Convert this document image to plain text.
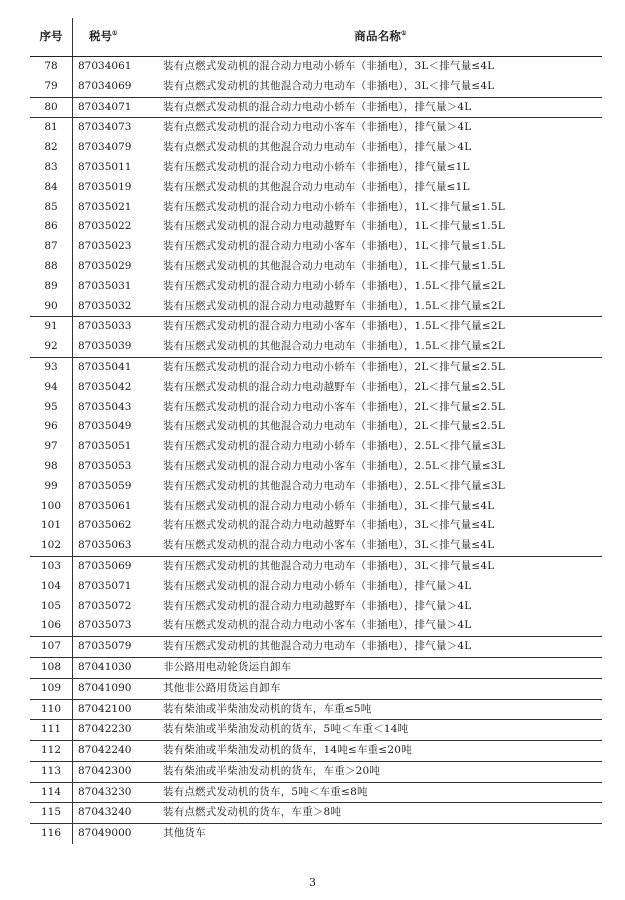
序号	税号①	商品名称①
78	87034061	装有点燃式发动机的混合动力电动小轿车（非插电），3L＜排气量≤4L
79	87034069	装有点燃式发动机的其他混合动力电动车（非插电），3L＜排气量≤4L
80	87034071	装有点燃式发动机的混合动力电动小轿车（非插电），排气量＞4L
81	87034073	装有点燃式发动机的混合动力电动小客车（非插电），排气量＞4L
82	87034079	装有点燃式发动机的其他混合动力电动车（非插电），排气量＞4L
83	87035011	装有压燃式发动机的混合动力电动小轿车（非插电），排气量≤1L
84	87035019	装有压燃式发动机的其他混合动力电动车（非插电），排气量≤1L
85	87035021	装有压燃式发动机的混合动力电动小轿车（非插电），1L＜排气量≤1.5L
86	87035022	装有压燃式发动机的混合动力电动越野车（非插电），1L＜排气量≤1.5L
87	87035023	装有压燃式发动机的混合动力电动小客车（非插电），1L＜排气量≤1.5L
88	87035029	装有压燃式发动机的其他混合动力电动车（非插电），1L＜排气量≤1.5L
89	87035031	装有压燃式发动机的混合动力电动小轿车（非插电），1.5L＜排气量≤2L
90	87035032	装有压燃式发动机的混合动力电动越野车（非插电），1.5L＜排气量≤2L
91	87035033	装有压燃式发动机的混合动力电动小客车（非插电），1.5L＜排气量≤2L
92	87035039	装有压燃式发动机的其他混合动力电动车（非插电），1.5L＜排气量≤2L
93	87035041	装有压燃式发动机的混合动力电动小轿车（非插电），2L＜排气量≤2.5L
94	87035042	装有压燃式发动机的混合动力电动越野车（非插电），2L＜排气量≤2.5L
95	87035043	装有压燃式发动机的混合动力电动小客车（非插电），2L＜排气量≤2.5L
96	87035049	装有压燃式发动机的其他混合动力电动车（非插电），2L＜排气量≤2.5L
97	87035051	装有压燃式发动机的混合动力电动小轿车（非插电），2.5L＜排气量≤3L
98	87035053	装有压燃式发动机的混合动力电动小客车（非插电），2.5L＜排气量≤3L
99	87035059	装有压燃式发动机的其他混合动力电动车（非插电），2.5L＜排气量≤3L
100	87035061	装有压燃式发动机的混合动力电动小轿车（非插电），3L＜排气量≤4L
101	87035062	装有压燃式发动机的混合动力电动越野车（非插电），3L＜排气量≤4L
102	87035063	装有压燃式发动机的混合动力电动小客车（非插电），3L＜排气量≤4L
103	87035069	装有压燃式发动机的其他混合动力电动车（非插电），3L＜排气量≤4L
104	87035071	装有压燃式发动机的混合动力电动小轿车（非插电），排气量＞4L
105	87035072	装有压燃式发动机的混合动力电动越野车（非插电），排气量＞4L
106	87035073	装有压燃式发动机的混合动力电动小客车（非插电），排气量＞4L
107	87035079	装有压燃式发动机的其他混合动力电动车（非插电），排气量＞4L
108	87041030	非公路用电动轮货运自卸车
109	87041090	其他非公路用货运自卸车
110	87042100	装有柴油或半柴油发动机的货车，车重≤5吨
111	87042230	装有柴油或半柴油发动机的货车，5吨＜车重＜14吨
112	87042240	装有柴油或半柴油发动机的货车，14吨≤车重≤20吨
113	87042300	装有柴油或半柴油发动机的货车，车重＞20吨
114	87043230	装有点燃式发动机的货车，5吨＜车重≤8吨
115	87043240	装有点燃式发动机的货车，车重＞8吨
116	87049000	其他货车
3
